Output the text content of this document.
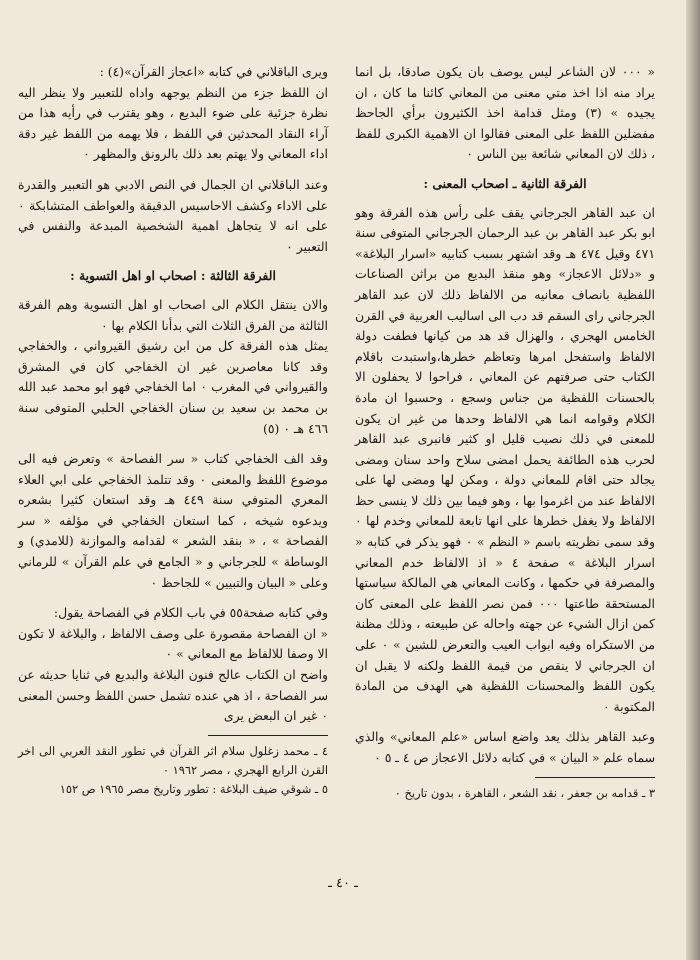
« ٠٠٠ لان الشاعر ليس يوصف بان يكون صادقا، بل انما يراد منه اذا اخذ متي معنى من المعاني كائنا ما كان ، ان يجيده » (٣) ومثل قدامة اخذ الكثيرون برأي الجاحظ مفضلين اللفظ على المعنى فقالوا ان الاهمية الكبرى للفظ ، ذلك لان المعاني شائعة بين الناس ٠

الفرقة الثانية ـ اصحاب المعنى :

ان عبد القاهر الجرجاني يقف على رأس هذه الفرقة وهو ابو بكر عبد القاهر بن عبد الرحمان الجرجاني المتوفى سنة ٤٧١ وقيل ٤٧٤ هـ وقد اشتهر بسبب كتابيه «اسرار البلاغة» و «دلائل الاعجاز» وهو منقذ البديع من براثن الصناعات اللفظية بانصاف معانيه من الالفاظ ذلك لان عبد القاهر الجرجاني راى السقم قد دب الى اساليب العربية في القرن الخامس الهجري ، والهزال قد هد من كيانها فطفت دولة الالفاظ واستفحل امرها وتعاظم خطرها،واستبدت باقلام الكتاب حتى صرفتهم عن المعاني ، فراحوا لا يحفلون الا بالحسنات اللفظية من جناس وسجع ، وحسبوا ان مادة الكلام وقوامه انما هي الالفاظ وحدها من غير ان يكون للمعنى في ذلك نصيب قليل او كثير فانبرى عبد القاهر لحرب هذه الطائفة يحمل امضى سلاح واحد سنان ومضى يجالد حتى اقام للمعاني دولة ، ومكن لها ومضى لها على الالفاظ عند من اغرموا بها ، وهو فيما بين ذلك لا ينسى حظ الالفاظ ولا يغفل خطرها على انها تابعة للمعاني وخدم لها ٠ وقد سمى نظريته باسم « النظم » ٠ فهو يذكر في كتابه « اسرار البلاغة » صفحة ٤ « اذ الالفاظ خدم المعاني والمصرفة في حكمها ، وكانت المعاني هي المالكة سياستها المستحقة طاعتها ٠٠٠ فمن نصر اللفظ على المعنى كان كمن ازال الشيء عن جهته واحاله عن طبيعته ، وذلك مظنة من الاستكراه وفيه ابواب العيب والتعرض للشين » ٠ على ان الجرجاني لا ينقص من قيمة اللفظ ولكنه لا يقبل ان يكون اللفظ والمحسنات اللفظية هي الهدف من المادة المكتوبة ٠

وعبد القاهر بذلك يعد واضع اساس «علم المعاني» والذي سماه علم « البيان » في كتابه دلائل الاعجاز ص ٤ ـ ٥ ٠

٣ ـ قدامه بن جعفر ، نقد الشعر ، القاهرة ، بدون تاريخ ٠

ويرى الباقلاني في كتابه «اعجاز القرآن»(٤) :

ان اللفظ جزء من النظم يوجهه واداه للتعبير ولا ينظر اليه نظرة جزئية على ضوء البديع ، وهو يقترب في رأيه هذا من آراء النقاد المحدثين في اللفظ ، فلا يهمه من اللفظ غير دقة اداء المعاني ولا يهتم بعد ذلك بالرونق والمظهر ٠

وعند الباقلاني ان الجمال في النص الادبي هو التعبير والقدرة على الاداء وكشف الاحاسيس الدقيقة والعواطف المتشابكة ٠ على انه لا يتجاهل اهمية الشخصية المبدعة والنفس في التعبير ٠

الفرقة الثالثة : اصحاب او اهل التسوية :

والان ينتقل الكلام الى اصحاب او اهل التسوية وهم الفرقة الثالثة من الفرق الثلاث التي بدأنا الكلام بها ٠

يمثل هذه الفرقة كل من ابن رشيق القيرواني ، والخفاجي وقد كانا معاصرين غير ان الخفاجي كان في المشرق والقيرواني في المغرب ٠ اما الخفاجي فهو ابو محمد عبد الله بن محمد بن سعيد بن سنان الخفاجي الحلبي المتوفى سنة ٤٦٦ هـ ٠ (٥)

وقد الف الخفاجي كتاب « سر الفصاحة » وتعرض فيه الى موضوع اللفظ والمعنى ٠ وقد تتلمذ الخفاجي على ابي العلاء المعري المتوفي سنة ٤٤٩ هـ وقد استعان كثيرا بشعره ويدعوه شيخه ، كما استعان الخفاجي في مؤلفه « سر الفصاحة » ، « بنقد الشعر » لقدامه والموازنة (للامدي) و الوساطة » للجرجاني و « الجامع في علم القرآن » للرماني وعلى « البيان والتبيين » للجاحظ ٠

وفي كتابه صفحة٥٥ في باب الكلام في الفصاحة يقول:

« ان الفصاحة مقصورة على وصف الالفاظ ، والبلاغة لا تكون الا وصفا للالفاظ مع المعاني » ٠

واضح ان الكتاب عالج فنون البلاغة والبديع في ثنايا حديثه عن سر الفصاحة ، اذ هي عنده تشمل حسن اللفظ وحسن المعنى ٠ غير ان البعض يرى

٤ ـ محمد زغلول سلام اثر القرآن في تطور النقد العربي الى اخر القرن الرابع الهجري ، مصر ١٩٦٢ ٠

٥ ـ شوقي ضيف البلاغة : تطور وتاريخ مصر ١٩٦٥ ص ١٥٢

ـ ٤٠ ـ
